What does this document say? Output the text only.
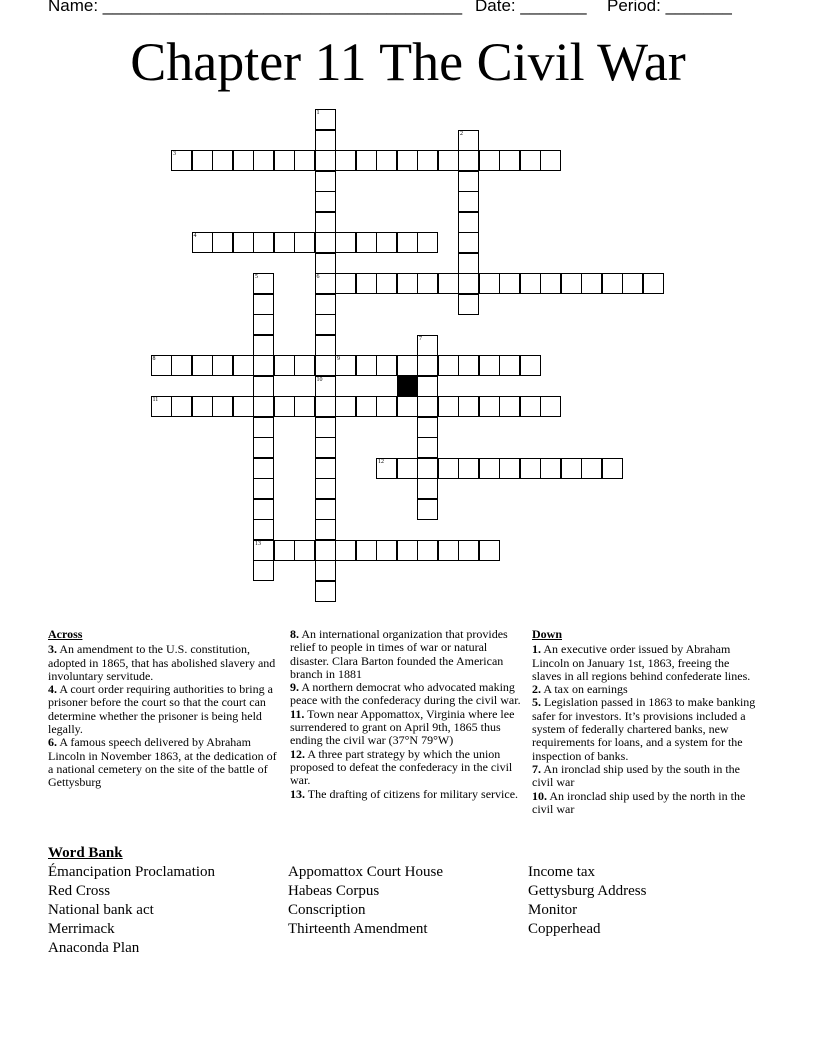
Name: ______________________________________

Date: _______

Period: _______

Chapter 11 The Civil War
1
6
10
2
3
4
5
13
7
8	9
11
12
Across
3. An amendment to the U.S. constitution, adopted in 1865, that has abolished slavery and involuntary servitude.
4. A court order requiring authorities to bring a prisoner before the court so that the court can determine whether the prisoner is being held legally.
6. A famous speech delivered by Abraham Lincoln in November 1863, at the dedication of a national cemetery on the site of the battle of Gettysburg
8. An international organization that provides relief to people in times of war or natural disaster. Clara Barton founded the American branch in 1881
9. A northern democrat who advocated making peace with the confederacy during the civil war.
11. Town near Appomattox, Virginia where lee surrendered to grant on April 9th, 1865 thus ending the civil war (37°N 79°W)
12. A three part strategy by which the union proposed to defeat the confederacy in the civil war.
13. The drafting of citizens for military service.
Down
1. An executive order issued by Abraham Lincoln on January 1st, 1863, freeing the slaves in all regions behind confederate lines.
2. A tax on earnings
5. Legislation passed in 1863 to make banking safer for investors. It’s provisions included a system of federally chartered banks, new requirements for loans, and a system for the inspection of banks.
7. An ironclad ship used by the south in the civil war
10. An ironclad ship used by the north in the civil war
Word Bank
Émancipation Proclamation
Red Cross
National bank act
Merrimack
Anaconda Plan
Appomattox Court House
Habeas Corpus
Conscription
Thirteenth Amendment
Income tax
Gettysburg Address
Monitor
Copperhead
